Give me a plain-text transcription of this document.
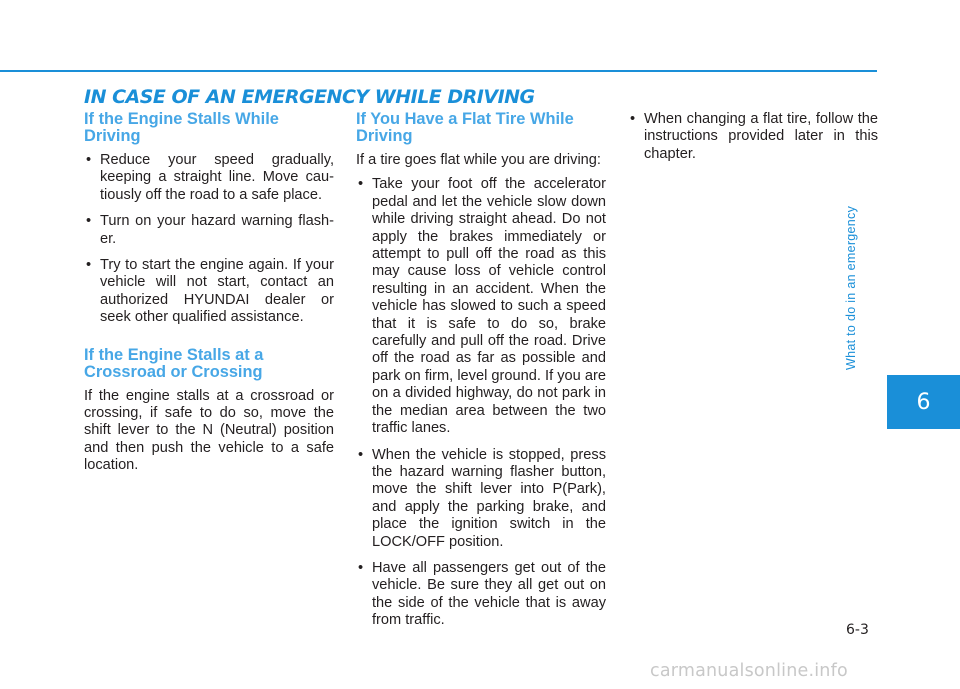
IN CASE OF AN EMERGENCY WHILE DRIVING
If the Engine Stalls While Driving
• Reduce your speed gradually, keeping a straight line. Move cautiously off the road to a safe place.
• Turn on your hazard warning flasher.
• Try to start the engine again. If your vehicle will not start, contact an authorized HYUNDAI dealer or seek other qualified assistance.
If the Engine Stalls at a Crossroad or Crossing

If the engine stalls at a crossroad or crossing, if safe to do so, move the shift lever to the N (Neutral) position and then push the vehicle to a safe location.

If You Have a Flat Tire While Driving

If a tire goes flat while you are driving:

• Take your foot off the accelerator pedal and let the vehicle slow down while driving straight ahead. Do not apply the brakes immediately or attempt to pull off the road as this may cause loss of vehicle control resulting in an accident. When the vehicle has slowed to such a speed that it is safe to do so, brake carefully and pull off the road. Drive off the road as far as possible and park on firm, level ground. If you are on a divided highway, do not park in the median area between the two traffic lanes.
• When the vehicle is stopped, press the hazard warning flasher button, move the shift lever into P(Park), and apply the parking brake, and place the ignition switch in the LOCK/OFF position.
• Have all passengers get out of the vehicle. Be sure they all get out on the side of the vehicle that is away from traffic.
• When changing a flat tire, follow the instructions provided later in this chapter.
What to do in an emergency
6
6-3
carmanualsonline.info
